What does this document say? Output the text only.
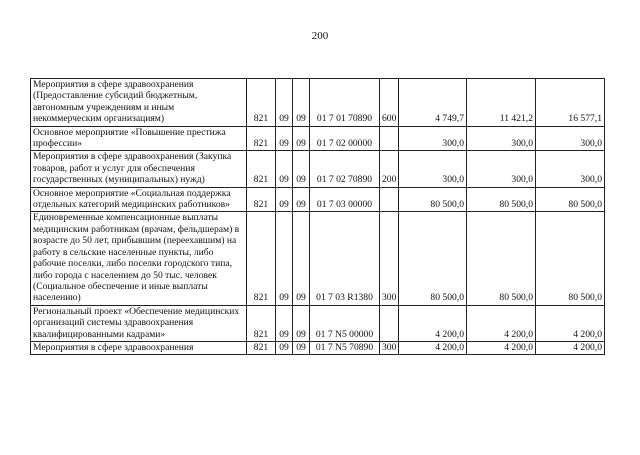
200
Мероприятия в сфере здравоохранения (Предоставление субсидий бюджетным, автономным учреждениям и иным некоммерческим организациям)	821	09	09	01 7 01 70890	600	4 749,7	11 421,2	16 577,1
Основное мероприятие «Повышение престижа профессии»	821	09	09	01 7 02 00000		300,0	300,0	300,0
Мероприятия в сфере здравоохранения (Закупка товаров, работ и услуг для обеспечения государственных (муниципальных) нужд)	821	09	09	01 7 02 70890	200	300,0	300,0	300,0
Основное мероприятие «Социальная поддержка отдельных категорий медицинских работников»	821	09	09	01 7 03 00000		80 500,0	80 500,0	80 500,0
Единовременные компенсационные выплаты медицинским работникам (врачам, фельдшерам) в возрасте до 50 лет, прибывшим (переехавшим) на работу в сельские населенные пункты, либо рабочие поселки, либо поселки городского типа, либо города с населением до 50 тыс. человек (Социальное обеспечение и иные выплаты населению)	821	09	09	01 7 03 R1380	300	80 500,0	80 500,0	80 500,0
Региональный проект «Обеспечение медицинских организаций системы здравоохранения квалифицированными кадрами»	821	09	09	01 7 N5 00000		4 200,0	4 200,0	4 200,0
Мероприятия в сфере здравоохранения	821	09	09	01 7 N5 70890	300	4 200,0	4 200,0	4 200,0
